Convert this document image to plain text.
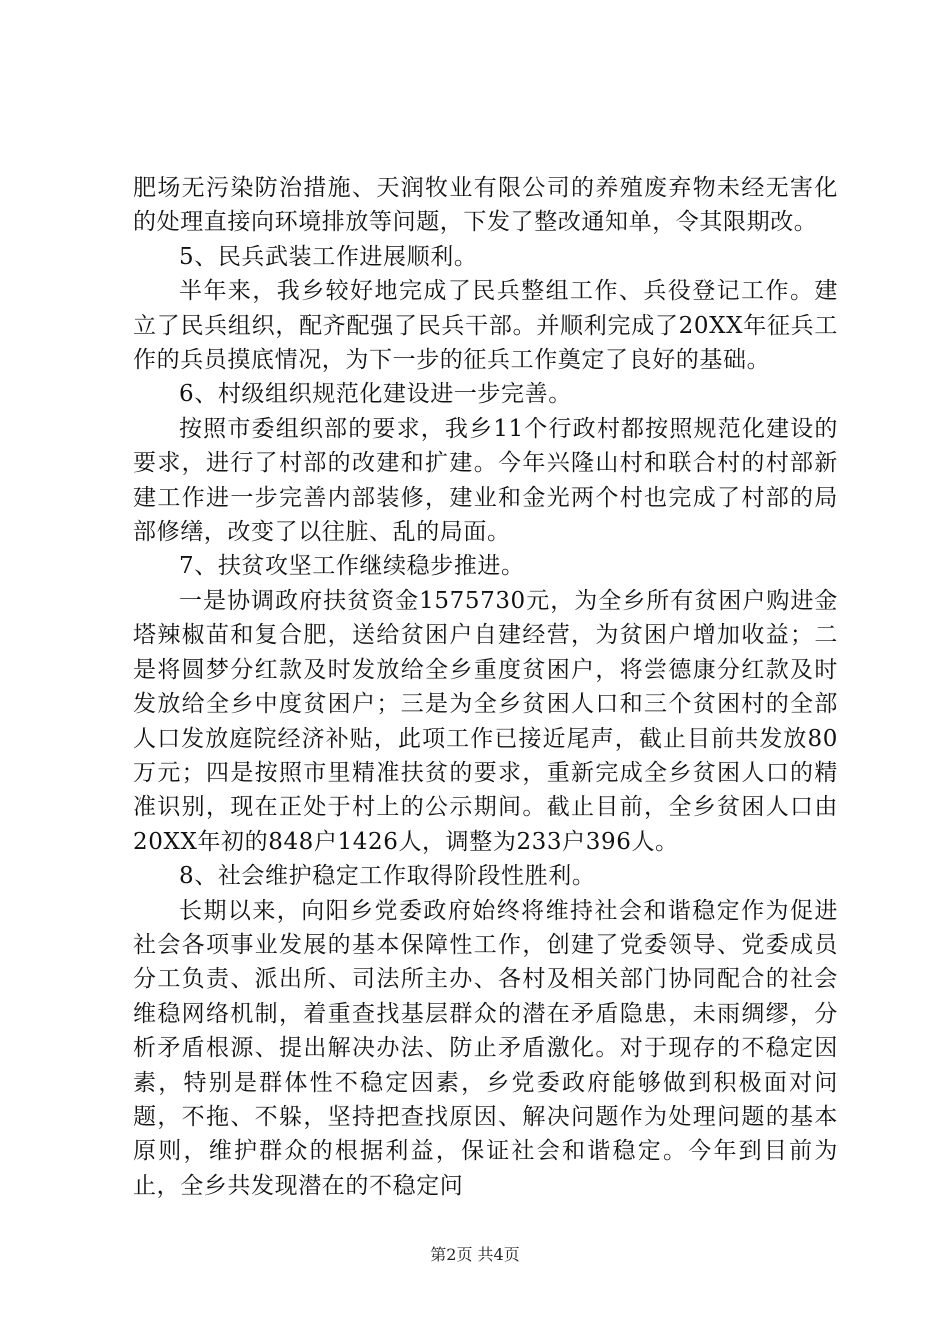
肥场无污染防治措施、天润牧业有限公司的养殖废弃物未经无害化的处理直接向环境排放等问题，下发了整改通知单，令其限期改。

5、民兵武装工作进展顺利。

半年来，我乡较好地完成了民兵整组工作、兵役登记工作。建立了民兵组织，配齐配强了民兵干部。并顺利完成了20XX年征兵工作的兵员摸底情况，为下一步的征兵工作奠定了良好的基础。

6、村级组织规范化建设进一步完善。

按照市委组织部的要求，我乡11个行政村都按照规范化建设的要求，进行了村部的改建和扩建。今年兴隆山村和联合村的村部新建工作进一步完善内部装修，建业和金光两个村也完成了村部的局部修缮，改变了以往脏、乱的局面。

7、扶贫攻坚工作继续稳步推进。

一是协调政府扶贫资金1575730元，为全乡所有贫困户购进金塔辣椒苗和复合肥，送给贫困户自建经营，为贫困户增加收益；二是将圆梦分红款及时发放给全乡重度贫困户，将尝德康分红款及时发放给全乡中度贫困户；三是为全乡贫困人口和三个贫困村的全部人口发放庭院经济补贴，此项工作已接近尾声，截止目前共发放80万元；四是按照市里精准扶贫的要求，重新完成全乡贫困人口的精准识别，现在正处于村上的公示期间。截止目前，全乡贫困人口由20XX年初的848户1426人，调整为233户396人。

8、社会维护稳定工作取得阶段性胜利。

长期以来，向阳乡党委政府始终将维持社会和谐稳定作为促进社会各项事业发展的基本保障性工作，创建了党委领导、党委成员分工负责、派出所、司法所主办、各村及相关部门协同配合的社会维稳网络机制，着重查找基层群众的潜在矛盾隐患，未雨绸缪，分析矛盾根源、提出解决办法、防止矛盾激化。对于现存的不稳定因素，特别是群体性不稳定因素，乡党委政府能够做到积极面对问题，不拖、不躲，坚持把查找原因、解决问题作为处理问题的基本原则，维护群众的根据利益，保证社会和谐稳定。今年到目前为止，全乡共发现潜在的不稳定问

第2页 共4页
